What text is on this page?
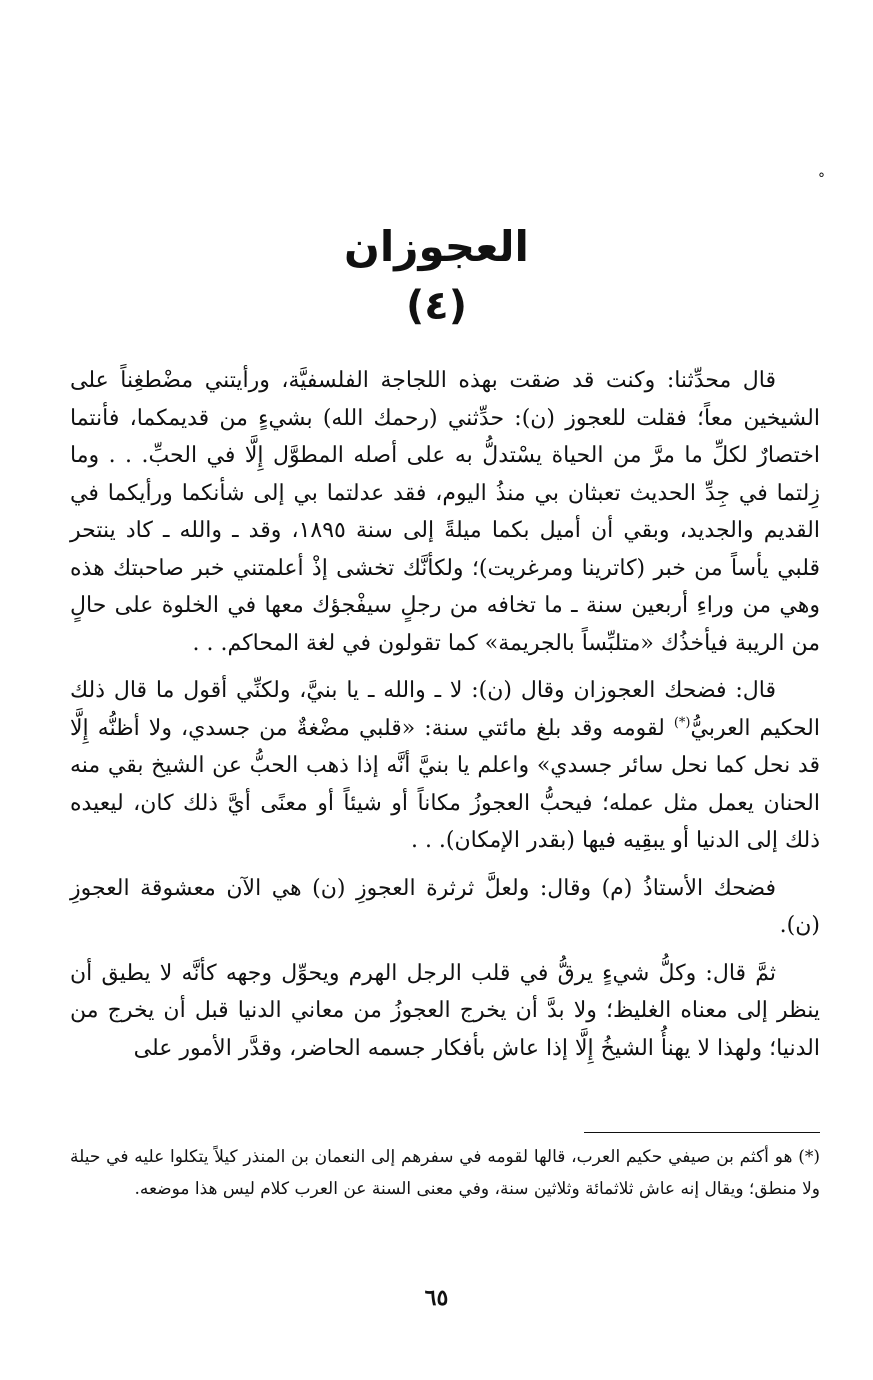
°
العجوزان
(٤)

قال محدِّثنا: وكنت قد ضقت بهذه اللجاجة الفلسفيَّة، ورأيتني مضْطغِناً على الشيخين معاً؛ فقلت للعجوز (ن): حدِّثني (رحمك الله) بشيءٍ من قديمكما، فأنتما اختصارٌ لكلِّ ما مرَّ من الحياة يسْتدلُّ به على أصله المطوَّل إِلَّا في الحبِّ. . . وما زِلتما في جِدِّ الحديث تعبثان بي منذُ اليوم، فقد عدلتما بي إلى شأنكما ورأيكما في القديم والجديد، وبقي أن أميل بكما ميلةً إلى سنة ١٨٩٥، وقد ـ والله ـ كاد ينتحر قلبي يأساً من خبر (كاترينا ومرغريت)؛ ولكأنَّك تخشى إذْ أعلمتني خبر صاحبتك هذه وهي من وراءِ أربعين سنة ـ ما تخافه من رجلٍ سيفْجؤك معها في الخلوة على حالٍ من الريبة فيأخذُك «متلبِّساً بالجريمة» كما تقولون في لغة المحاكم. . .

قال: فضحك العجوزان وقال (ن): لا ـ والله ـ يا بنيَّ، ولكنِّي أقول ما قال ذلك الحكيم العربيُّ(*) لقومه وقد بلغ مائتي سنة: «قلبي مضْغةٌ من جسدي، ولا أظنُّه إِلَّا قد نحل كما نحل سائر جسدي» واعلم يا بنيَّ أنَّه إذا ذهب الحبُّ عن الشيخ بقي منه الحنان يعمل مثل عمله؛ فيحبُّ العجوزُ مكاناً أو شيئاً أو معنًى أيَّ ذلك كان، ليعيده ذلك إلى الدنيا أو يبقِيه فيها (بقدر الإمكان). . .

فضحك الأستاذُ (م) وقال: ولعلَّ ثرثرة العجوزِ (ن) هي الآن معشوقة العجوزِ (ن).

ثمَّ قال: وكلُّ شيءٍ يرقُّ في قلب الرجل الهرم ويحوِّل وجهه كأنَّه لا يطيق أن ينظر إلى معناه الغليظ؛ ولا بدَّ أن يخرج العجوزُ من معاني الدنيا قبل أن يخرج من الدنيا؛ ولهذا لا يهنأُ الشيخُ إِلَّا إذا عاش بأفكار جسمه الحاضر، وقدَّر الأمور على

(*) هو أكثم بن صيفي حكيم العرب، قالها لقومه في سفرهم إلى النعمان بن المنذر كيلاً يتكلوا عليه في حيلة ولا منطق؛ ويقال إنه عاش ثلاثمائة وثلاثين سنة، وفي معنى السنة عن العرب كلام ليس هذا موضعه.

٦٥
